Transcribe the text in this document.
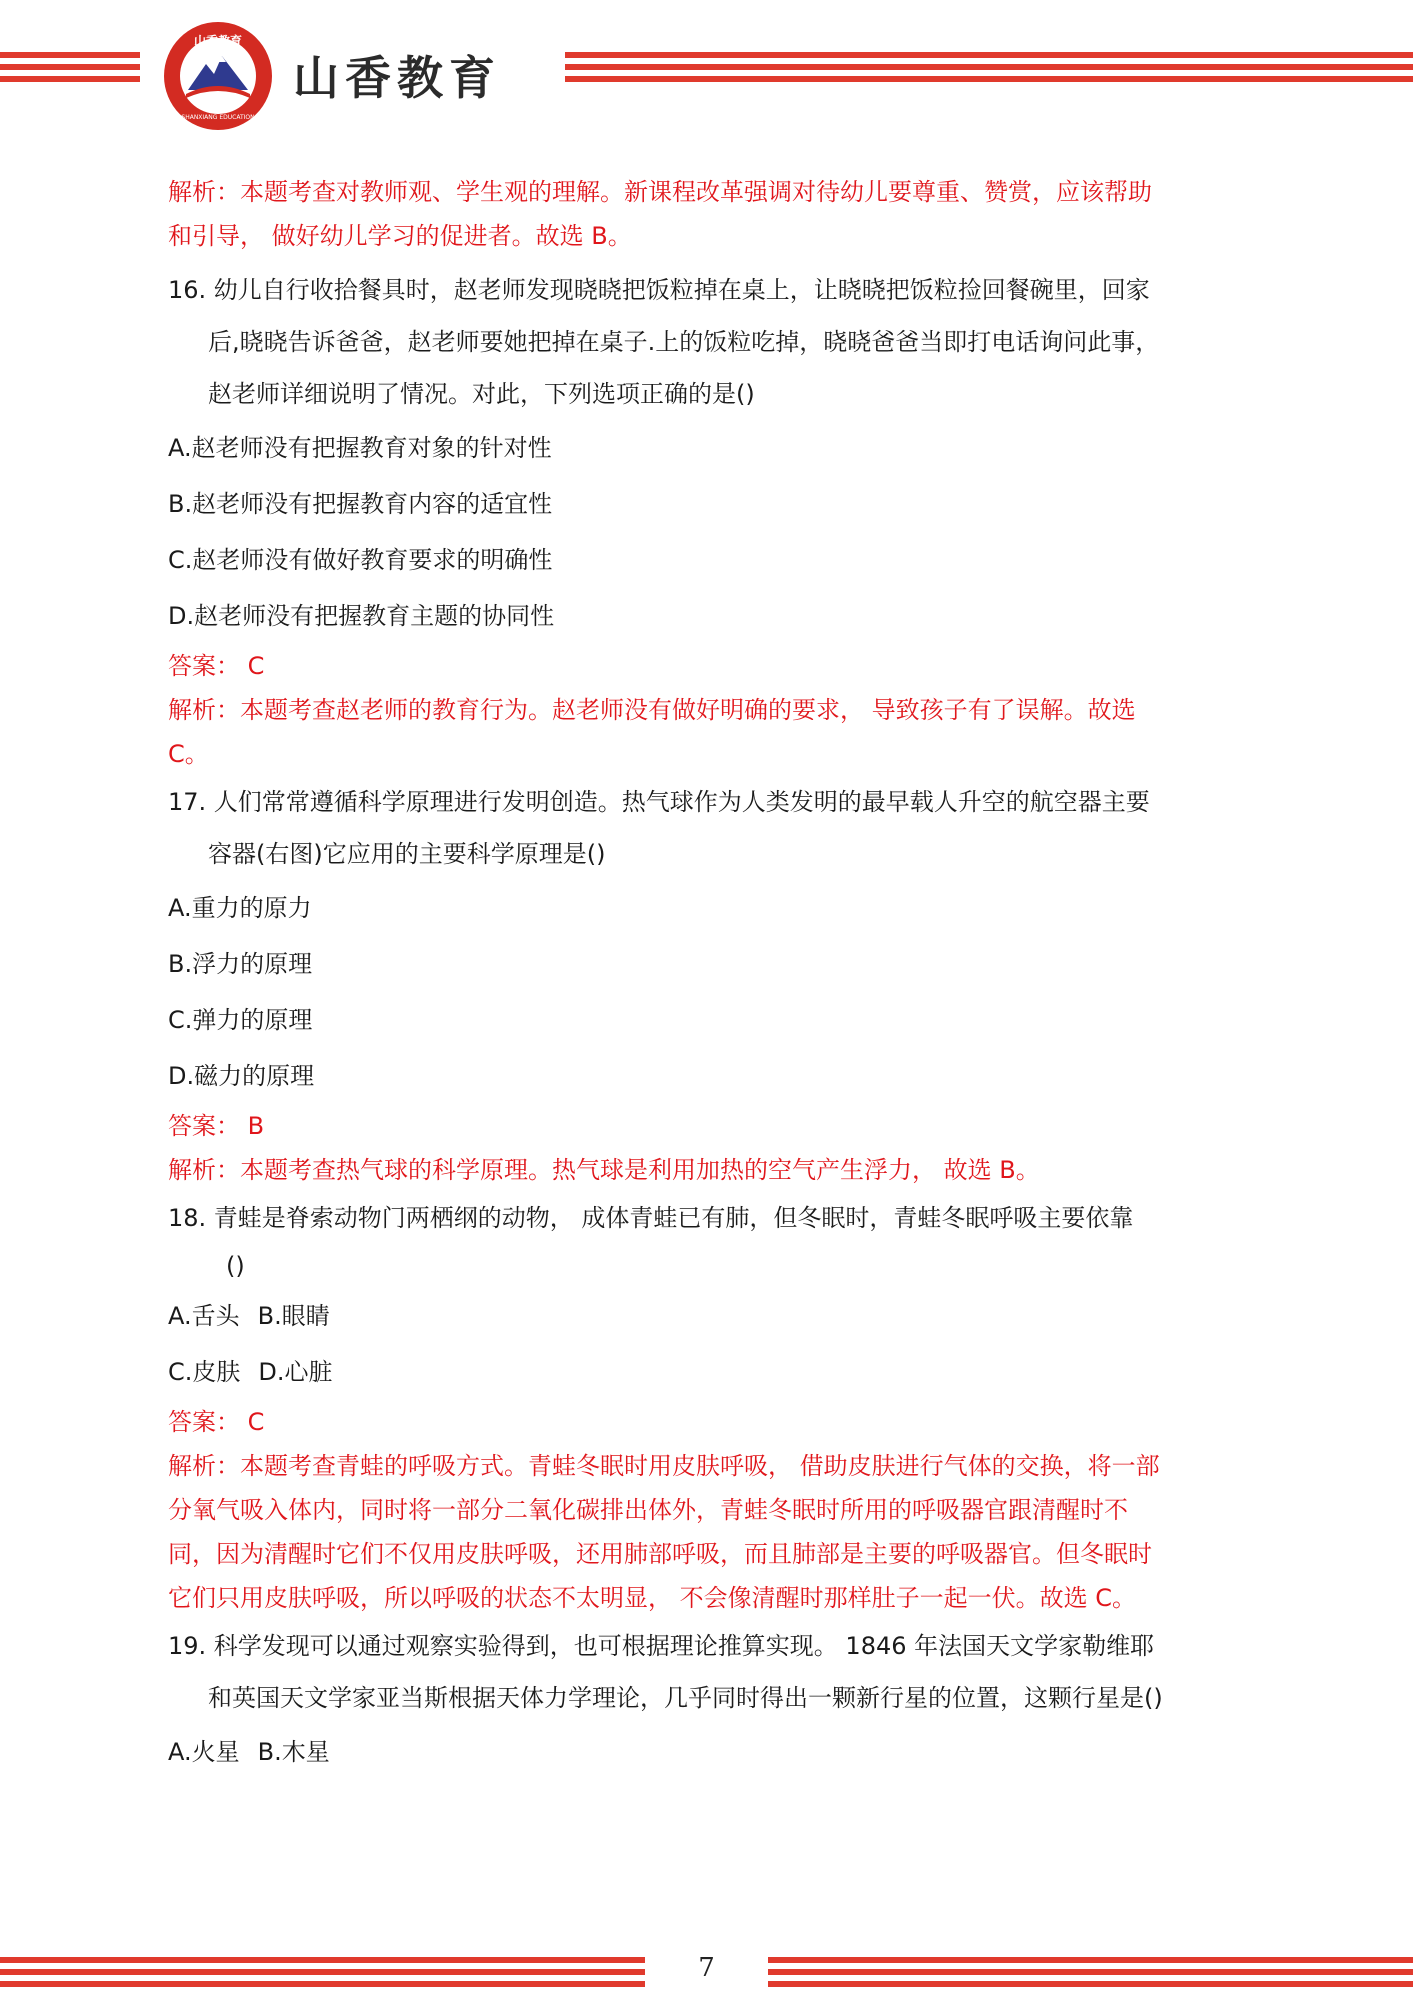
山香教育
SHANXIANG EDUCATION
山香教育

解析：本题考查对教师观、学生观的理解。新课程改革强调对待幼儿要尊重、赞赏，应该帮助

和引导， 做好幼儿学习的促进者。故选 B。

16. 幼儿自行收拾餐具时，赵老师发现晓晓把饭粒掉在桌上，让晓晓把饭粒捡回餐碗里，回家

后,晓晓告诉爸爸，赵老师要她把掉在桌子.上的饭粒吃掉，晓晓爸爸当即打电话询问此事，

赵老师详细说明了情况。对此，下列选项正确的是()

A.赵老师没有把握教育对象的针对性

B.赵老师没有把握教育内容的适宜性

C.赵老师没有做好教育要求的明确性

D.赵老师没有把握教育主题的协同性

答案： C

解析：本题考查赵老师的教育行为。赵老师没有做好明确的要求， 导致孩子有了误解。故选

C。

17. 人们常常遵循科学原理进行发明创造。热气球作为人类发明的最早载人升空的航空器主要

容器(右图)它应用的主要科学原理是()

A.重力的原力

B.浮力的原理

C.弹力的原理

D.磁力的原理

答案： B

解析：本题考查热气球的科学原理。热气球是利用加热的空气产生浮力， 故选 B。

18. 青蛙是脊索动物门两栖纲的动物， 成体青蛙已有肺，但冬眠时，青蛙冬眠呼吸主要依靠

()

A.舌头 B.眼睛

C.皮肤 D.心脏

答案： C

解析：本题考查青蛙的呼吸方式。青蛙冬眠时用皮肤呼吸， 借助皮肤进行气体的交换，将一部

分氧气吸入体内，同时将一部分二氧化碳排出体外，青蛙冬眠时所用的呼吸器官跟清醒时不

同，因为清醒时它们不仅用皮肤呼吸，还用肺部呼吸，而且肺部是主要的呼吸器官。但冬眠时

它们只用皮肤呼吸，所以呼吸的状态不太明显， 不会像清醒时那样肚子一起一伏。故选 C。

19. 科学发现可以通过观察实验得到，也可根据理论推算实现。 1846 年法国天文学家勒维耶

和英国天文学家亚当斯根据天体力学理论，几乎同时得出一颗新行星的位置，这颗行星是()

A.火星 B.木星

7
